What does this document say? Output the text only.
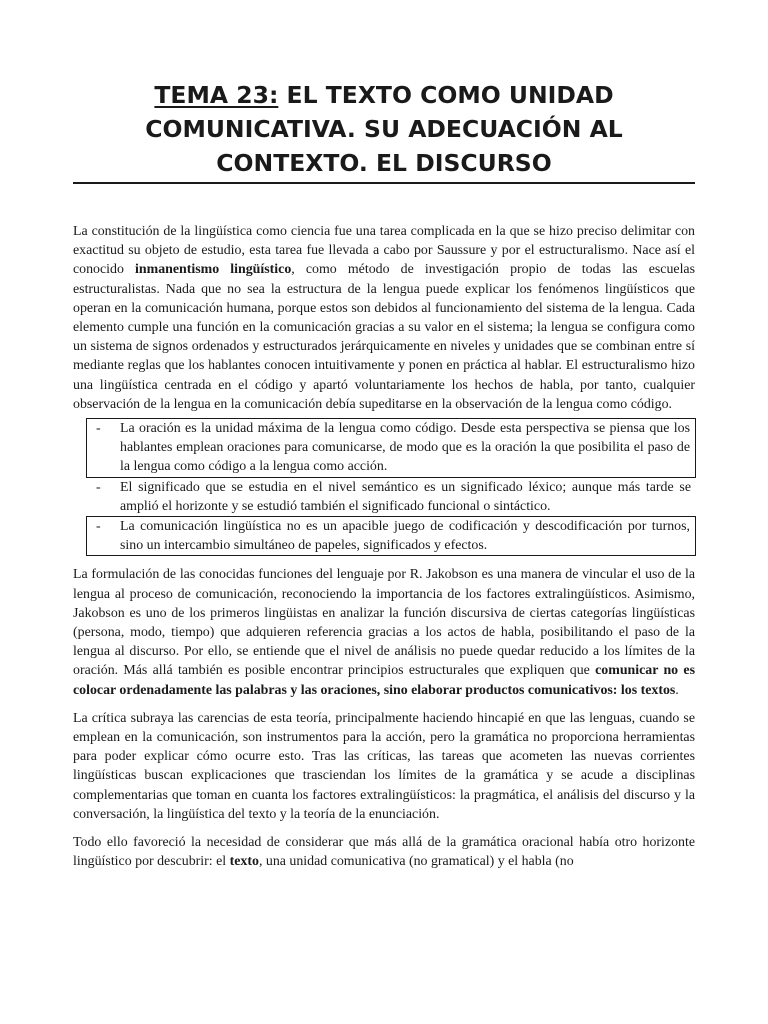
TEMA 23: EL TEXTO COMO UNIDAD COMUNICATIVA. SU ADECUACIÓN AL CONTEXTO. EL DISCURSO

La constitución de la lingüística como ciencia fue una tarea complicada en la que se hizo preciso delimitar con exactitud su objeto de estudio, esta tarea fue llevada a cabo por Saussure y por el estructuralismo. Nace así el conocido inmanentismo lingüístico, como método de investigación propio de todas las escuelas estructuralistas. Nada que no sea la estructura de la lengua puede explicar los fenómenos lingüísticos que operan en la comunicación humana, porque estos son debidos al funcionamiento del sistema de la lengua. Cada elemento cumple una función en la comunicación gracias a su valor en el sistema; la lengua se configura como un sistema de signos ordenados y estructurados jerárquicamente en niveles y unidades que se combinan entre sí mediante reglas que los hablantes conocen intuitivamente y ponen en práctica al hablar. El estructuralismo hizo una lingüística centrada en el código y apartó voluntariamente los hechos de habla, por tanto, cualquier observación de la lengua en la comunicación debía supeditarse en la observación de la lengua como código.

- La oración es la unidad máxima de la lengua como código. Desde esta perspectiva se piensa que los hablantes emplean oraciones para comunicarse, de modo que es la oración la que posibilita el paso de la lengua como código a la lengua como acción.
- El significado que se estudia en el nivel semántico es un significado léxico; aunque más tarde se amplió el horizonte y se estudió también el significado funcional o sintáctico.
- La comunicación lingüística no es un apacible juego de codificación y descodificación por turnos, sino un intercambio simultáneo de papeles, significados y efectos.

La formulación de las conocidas funciones del lenguaje por R. Jakobson es una manera de vincular el uso de la lengua al proceso de comunicación, reconociendo la importancia de los factores extralingüísticos. Asimismo, Jakobson es uno de los primeros lingüistas en analizar la función discursiva de ciertas categorías lingüísticas (persona, modo, tiempo) que adquieren referencia gracias a los actos de habla, posibilitando el paso de la lengua al discurso. Por ello, se entiende que el nivel de análisis no puede quedar reducido a los límites de la oración. Más allá también es posible encontrar principios estructurales que expliquen que comunicar no es colocar ordenadamente las palabras y las oraciones, sino elaborar productos comunicativos: los textos.

La crítica subraya las carencias de esta teoría, principalmente haciendo hincapié en que las lenguas, cuando se emplean en la comunicación, son instrumentos para la acción, pero la gramática no proporciona herramientas para poder explicar cómo ocurre esto. Tras las críticas, las tareas que acometen las nuevas corrientes lingüísticas buscan explicaciones que trasciendan los límites de la gramática y se acude a disciplinas complementarias que toman en cuanta los factores extralingüísticos: la pragmática, el análisis del discurso y la conversación, la lingüística del texto y la teoría de la enunciación.

Todo ello favoreció la necesidad de considerar que más allá de la gramática oracional había otro horizonte lingüístico por descubrir: el texto, una unidad comunicativa (no gramatical) y el habla (no
